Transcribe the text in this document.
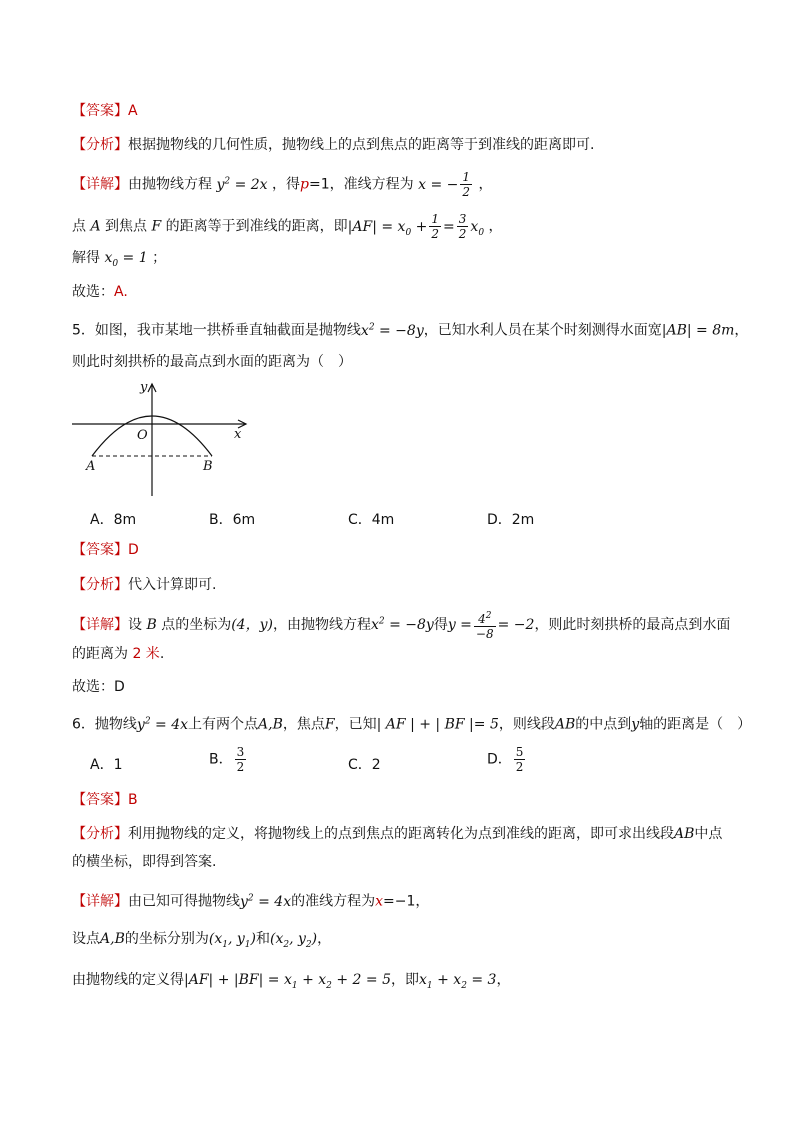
【答案】A
【分析】根据抛物线的几何性质，抛物线上的点到焦点的距离等于到准线的距离即可.
【详解】由抛物线方程 $y^2 = 2x$ ，得p=1，准线方程为 x = − $\frac{1}{2}$ ，
点 A 到焦点 F 的距离等于到准线的距离，即$|AF| = x_0 + \frac{1}{2} = \frac{3}{2} x_0$ ，
解得 $x_0 = 1$ ；
故选：A.
5．如图，我市某地一拱桥垂直轴截面是抛物线$x^2 = -8y$，已知水利人员在某个时刻测得水面宽|AB| = 8m，
则此时刻拱桥的最高点到水面的距离为（　）
y
x
O
A	B
A．8m	B．6m	C．4m	D．2m
【答案】D
【分析】代入计算即可.
【详解】设 B 点的坐标为(4，y)，由抛物线方程$x^2 = -8y$得$y = \frac{4^2}{-8} = -2$，则此时刻拱桥的最高点到水面
的距离为 2 米.
故选：D
6．抛物线$y^2 = 4x$上有两个点A,B，焦点F，已知| AF | + | BF |= 5，则线段AB的中点到y轴的距离是（　）
A．1	B． $\frac{3}{2}$	C．2	D． $\frac{5}{2}$
【答案】B
【分析】利用抛物线的定义，将抛物线上的点到焦点的距离转化为点到准线的距离，即可求出线段AB中点
的横坐标，即得到答案.
【详解】由已知可得抛物线$y^2 = 4x$的准线方程为x=−1，
设点A,B的坐标分别为($x_1$, $y_1$)和($x_2$, $y_2$)，
由抛物线的定义得$|AF| + |BF| = x_1 + x_2 + 2 = 5$，即$x_1 + x_2 = 3$，
